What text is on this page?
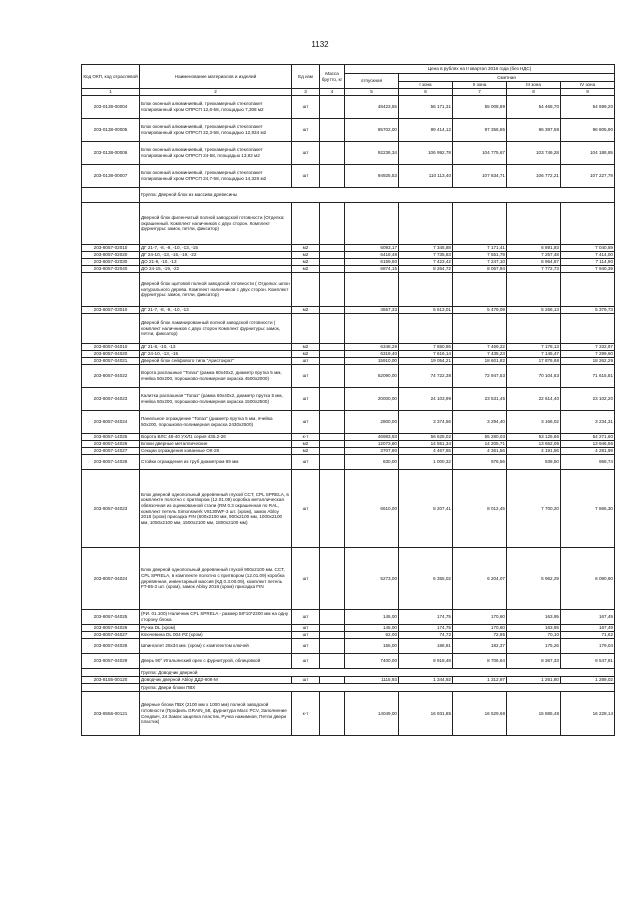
1132
Код ОКП, код отраслевой	Наименование материалов и изделий	Ед изм	Масса брутто, кг	Цена в рублях на II квартал 2016 года (без НДС)				
				отпускная	Сметная			
					I зона	II зона	III зона	IV зона
1	2	3	4	5	6	7	8	9
203-0138-00004	Блок оконный алюминиевый, трехкамерный стеклопакет полированный хром ОПРСП 12,6-58, площадью 7,308 м2	шт		48423,55	56 171,31	55 008,89	54 468,70	54 699,20
203-0138-00005	Блок оконный алюминиевый, трехкамерный стеклопакет полированный хром ОПРСП 22,3-58, площадью 12,934 м2	шт		85702,00	99 414,12	97 356,85	96 397,58	96 805,90
203-0138-00006	Блок оконный алюминиевый, трехкамерный стеклопакет полированный хром ОПРСП 24-58, площадью 13,92 м2	шт		92236,34	106 992,78	104 775,67	103 746,28	104 188,95
203-0138-00007	Блок оконный алюминиевый, трехкамерный стеклопакет полированный хром ОПРСП 24,7-58, площадью 14,326 м2	шт		94925,53	110 113,40	107 834,71	106 772,21	107 227,79
	Группа: Дверной блок из массива древесины							
	Дверной блок филенчатый полной заводской готовности (Отделка: окрашенный. Комплект наличников с двух сторон. Комплект фурнитуры: замок, петли, фиксатор)							
203-8057-02010	ДГ 21-7, -8, -9, -10, -13, -15	м2		6093,17	7 345,88	7 171,41	6 891,93	7 040,59
203-8057-02020	ДГ 24-10, -13, -15, -19, -22	м2		6418,48	7 735,83	7 551,79	7 257,48	7 414,00
203-8057-02030	ДО 21-9, -10, -13	м2		6159,50	7 423,42	7 247,10	6 964,67	7 114,90
203-8057-02040	ДО 24-15, -19, -22	м2		6874,15	8 264,72	8 067,94	7 772,73	7 940,39
	Дверной блок щитовой полной заводской готовности ( Отделка: шпон натурального дерева. Комплект наличников с двух сторон. Комплект фурнитуры: замок, петли, фиксатор)							
203-8057-03010	ДГ 21-7, -8, -9, -10, -13	м2		4557,33	5 613,01	5 479,09	5 266,13	5 379,73
	Дверной блок ламинированный полной заводской готовности ( комплект наличников с двух сторон Комплект фурнитуры: замок, петли, фиксатор)							
203-8057-04010	ДГ 21-8, -10, -13	м2		6348,29	7 650,95	7 469,22	7 178,13	7 332,97
203-8057-04020	ДГ 24-10, -13, -15	м2		6319,40	7 616,14	7 435,23	7 145,47	7 299,60
203-8057-04021	Дверной блок сейфового типа "Аристократ"	шт		15910,00	19 054,21	18 601,82	17 876,68	18 262,29
203-8057-04022	Ворота распашные "Топаз" (рамка 60х40х2, диаметр прутка 5 мм, ячейка 50х200, порошково-полимерная окраска 4500х2000)	шт		62090,00	74 722,38	72 947,53	70 104,63	71 615,81
203-8057-04023	Калитка распашная "Топаз" (рамка 60х40х2, диаметр прутка 5 мм, ячейка 50х200, порошково-полимерная окраска 1500х2500)	шт		20000,00	24 103,99	23 531,45	22 614,40	23 102,20
203-8057-04024	Панельное ограждение "Топаз" (диаметр прутка 5 мм, ячейка 50х200, порошково-полимерная окраска 2430х2500)	шт		2800,00	3 374,56	3 294,40	3 166,02	3 234,31
203-8057-14025	Ворота ВЛС 48-40 УХЛ1 серия 435.2-26	к-т		46983,93	56 625,02	55 280,03	53 125,66	54 271,60
203-8057-14026	Блоки дверные металлические	м2		12073,80	14 551,34	14 205,71	13 652,06	13 946,56
203-8057-14027	Секции ограждения кованные ОК-28	м2		3707,80	4 467,65	4 361,56	4 191,56	4 281,99
203-8057-14028	Стойки ограждения из труб диаметром 89 мм	шт		830,00	1 000,32	976,56	938,50	958,74
203-8057-04023	Блок дверной однопольный деревянный глухой CCT, CPL SPRELA, в комплекте полотно с притвором (12.01.09) коробка металлическая обвязочная из оцинкованной стали (RM 0.3 окрашенная по RAL, комплект петель Simonswerk V8130WF-3 шт. (хром), замок Abloy 2018 (хром) присадка FIN (600х2100 мм, 900х2100 мм, 1000х2100 мм, 1050х2100 мм, 1500х2100 мм, 1800х2100 мм)	шт		6610,00	8 207,41	8 012,45	7 700,20	7 866,30
203-8057-04024	Блок дверной однопольный деревянный глухой 900х2100 мм. CCT, CPL SPRELA, в комплекте полотно с притвором (12.01.09) коробка деревянная, инвентарный массив (КД 0.3.00.09), комплект петель FT-85-3 шт. (хром), замок Abloy 2018 (хром) присадка FIN	шт		5273,00	6 355,02	6 204,07	5 962,29	6 090,60
203-8057-04025	(РИ. 01.100) Наличник CPL SPRELA - размер 58*10*2200 мм на одну сторону блока	шт		145,00	174,75	170,60	163,95	167,49
203-8057-04026	Ручка DL (хром)	шт		145,00	174,75	170,60	163,95	167,49
203-8057-04027	Ключевина DL 004 PZ (хром)	шт		62,00	74,72	72,95	70,10	71,62
203-8057-04028	Шпингалет 28х34 мм. (хром) с комплектом ключей	шт		155,00	186,81	182,37	175,26	179,04
203-8057-04029	Дверь 90° Итальянский орех с фурнитурой, облицовкой	шт		7400,00	8 918,48	8 706,64	8 367,33	8 547,81
	Группа: Доводчик дверной							
203-8155-00120	Доводчик дверной Abloy ДД2-90К-М	шт		1115,93	1 344,92	1 312,97	1 261,80	1 289,02
	Группа: Двери блоки ПВХ							
203-8556-00121	Дверные блоки ПВХ (2100 мм х 1000 мм) полной заводской готовности (Профиль GRAIN_58, фурнитура Macc PCV, Заполнение Сендвич, 24 Замок защелка пластик, Ручка нажимная, Петли двери пластик)	к-т		14049,00	16 931,85	16 529,68	15 885,48	16 228,14
